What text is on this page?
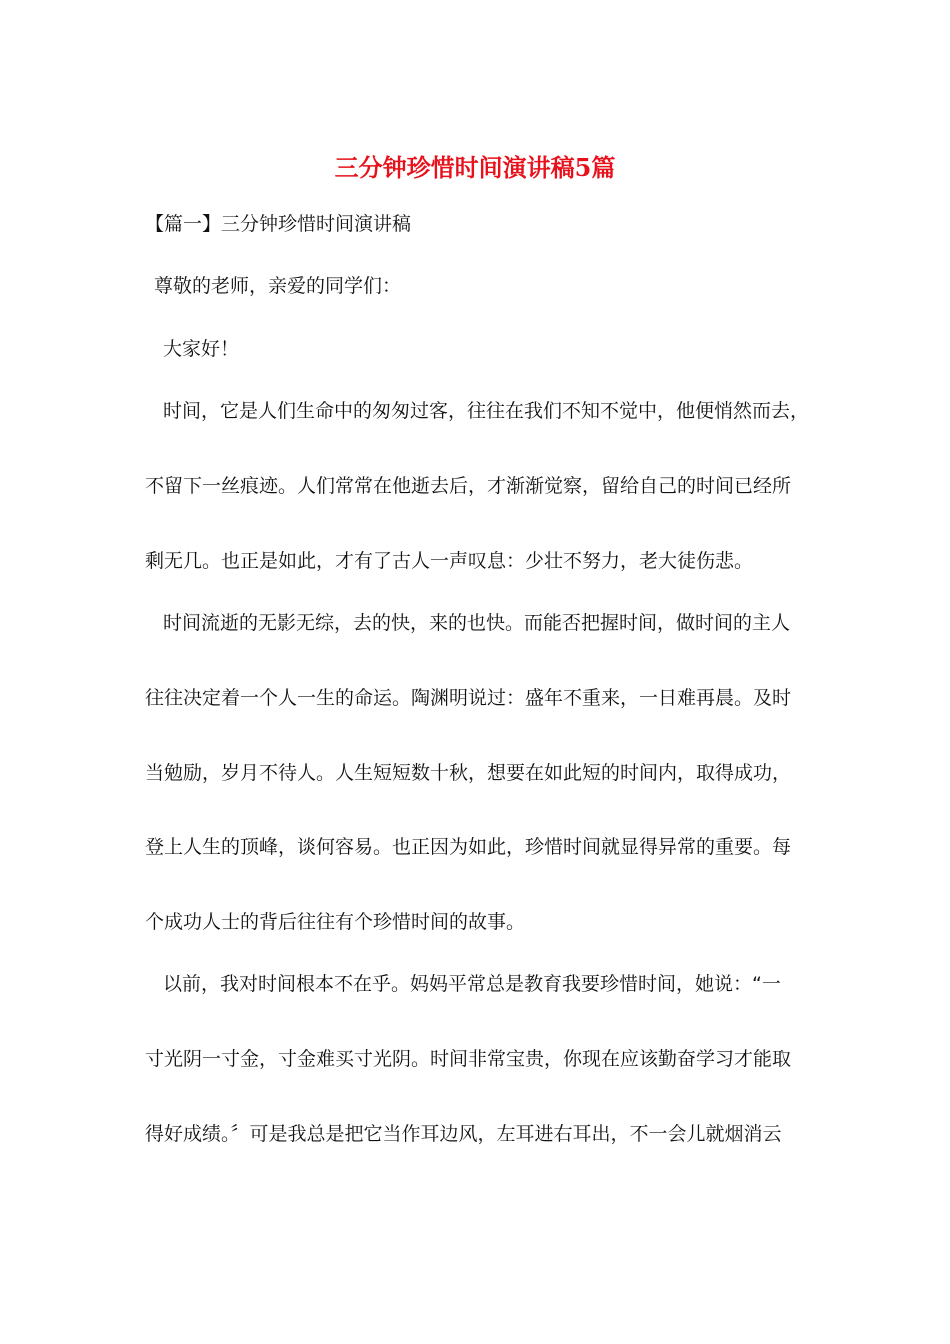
三分钟珍惜时间演讲稿5篇
【篇一】三分钟珍惜时间演讲稿
尊敬的老师，亲爱的同学们：
大家好！
时间，它是人们生命中的匆匆过客，往往在我们不知不觉中，他便悄然而去，
不留下一丝痕迹。人们常常在他逝去后，才渐渐觉察，留给自己的时间已经所
剩无几。也正是如此，才有了古人一声叹息：少壮不努力，老大徒伤悲。
时间流逝的无影无综，去的快，来的也快。而能否把握时间，做时间的主人
往往决定着一个人一生的命运。陶渊明说过：盛年不重来，一日难再晨。及时
当勉励，岁月不待人。人生短短数十秋，想要在如此短的时间内，取得成功，
登上人生的顶峰，谈何容易。也正因为如此，珍惜时间就显得异常的重要。每
个成功人士的背后往往有个珍惜时间的故事。
以前，我对时间根本不在乎。妈妈平常总是教育我要珍惜时间，她说：“一
寸光阴一寸金，寸金难买寸光阴。时间非常宝贵，你现在应该勤奋学习才能取
得好成绩。〞可是我总是把它当作耳边风，左耳进右耳出，不一会儿就烟消云
